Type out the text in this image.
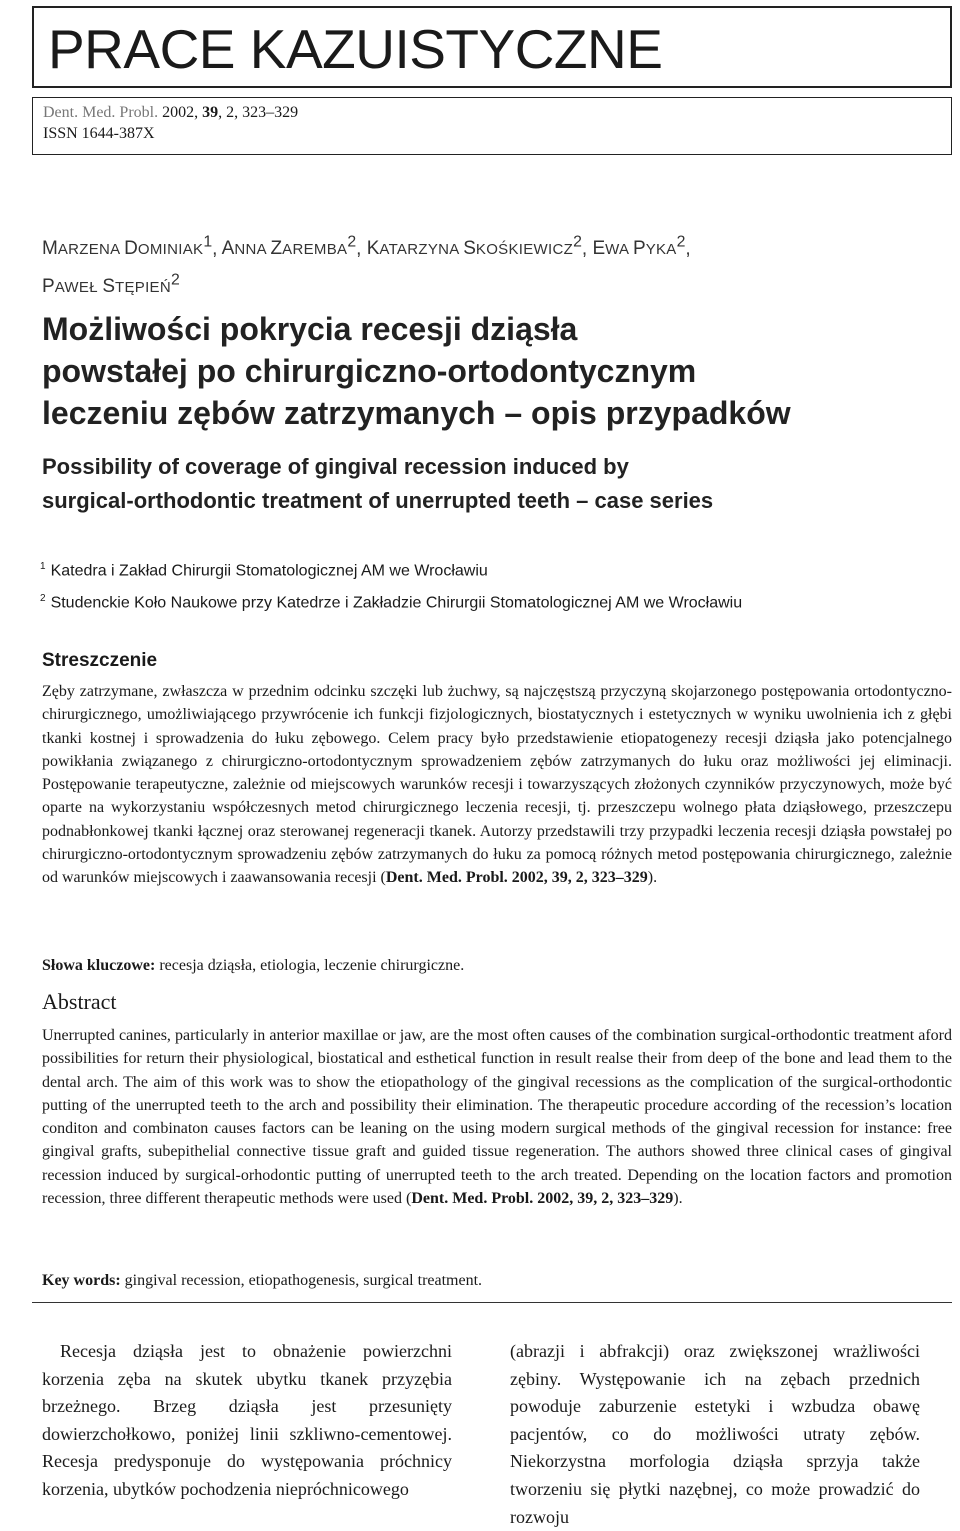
PRACE KAZUISTYCZNE
Dent. Med. Probl. 2002, 39, 2, 323–329
ISSN 1644-387X
MARZENA DOMINIAK$^1$, ANNA ZAREMBA$^2$, KATARZYNA SKOŚKIEWICZ$^2$, EWA PYKA$^2$,
PAWEŁ STĘPIEŃ$^2$
Możliwości pokrycia recesji dziąsła
powstałej po chirurgiczno-ortodontycznym
leczeniu zębów zatrzymanych – opis przypadków
Possibility of coverage of gingival recession induced by
surgical-orthodontic treatment of unerrupted teeth – case series
$^1$ Katedra i Zakład Chirurgii Stomatologicznej AM we Wrocławiu
$^2$ Studenckie Koło Naukowe przy Katedrze i Zakładzie Chirurgii Stomatologicznej AM we Wrocławiu
Streszczenie
Zęby zatrzymane, zwłaszcza w przednim odcinku szczęki lub żuchwy, są najczęstszą przyczyną skojarzonego postępowania ortodontyczno-chirurgicznego, umożliwiającego przywrócenie ich funkcji fizjologicznych, biostatycznych i estetycznych w wyniku uwolnienia ich z głębi tkanki kostnej i sprowadzenia do łuku zębowego. Celem pracy było przedstawienie etiopatogenezy recesji dziąsła jako potencjalnego powikłania związanego z chirurgiczno-ortodontycznym sprowadzeniem zębów zatrzymanych do łuku oraz możliwości jej eliminacji. Postępowanie terapeutyczne, zależnie od miejscowych warunków recesji i towarzyszących złożonych czynników przyczynowych, może być oparte na wykorzystaniu współczesnych metod chirurgicznego leczenia recesji, tj. przeszczepu wolnego płata dziąsłowego, przeszczepu podnabłonkowej tkanki łącznej oraz sterowanej regeneracji tkanek. Autorzy przedstawili trzy przypadki leczenia recesji dziąsła powstałej po chirurgiczno-ortodontycznym sprowadzeniu zębów zatrzymanych do łuku za pomocą różnych metod postępowania chirurgicznego, zależnie od warunków miejscowych i zaawansowania recesji (Dent. Med. Probl. 2002, 39, 2, 323–329).
Słowa kluczowe: recesja dziąsła, etiologia, leczenie chirurgiczne.
Abstract
Unerrupted canines, particularly in anterior maxillae or jaw, are the most often causes of the combination surgical-orthodontic treatment aford possibilities for return their physiological, biostatical and esthetical function in result realse their from deep of the bone and lead them to the dental arch. The aim of this work was to show the etiopathology of the gingival recessions as the complication of the surgical-orthodontic putting of the unerrupted teeth to the arch and possibility their elimination. The therapeutic procedure according of the recession’s location conditon and combinaton causes factors can be leaning on the using modern surgical methods of the gingival recession for instance: free gingival grafts, subepithelial connective tissue graft and guided tissue regeneration. The authors showed three clinical cases of gingival recession induced by surgical-orhodontic putting of unerrupted teeth to the arch treated. Depending on the location factors and promotion recession, three different therapeutic methods were used (Dent. Med. Probl. 2002, 39, 2, 323–329).
Key words: gingival recession, etiopathogenesis, surgical treatment.
Recesja dziąsła jest to obnażenie powierzchni korzenia zęba na skutek ubytku tkanek przyzębia brzeżnego. Brzeg dziąsła jest przesunięty dowierzchołkowo, poniżej linii szkliwno-cementowej. Recesja predysponuje do występowania próchnicy korzenia, ubytków pochodzenia niepróchnicowego
(abrazji i abfrakcji) oraz zwiększonej wrażliwości zębiny. Występowanie ich na zębach przednich powoduje zaburzenie estetyki i wzbudza obawę pacjentów, co do możliwości utraty zębów. Niekorzystna morfologia dziąsła sprzyja także tworzeniu się płytki nazębnej, co może prowadzić do rozwoju
